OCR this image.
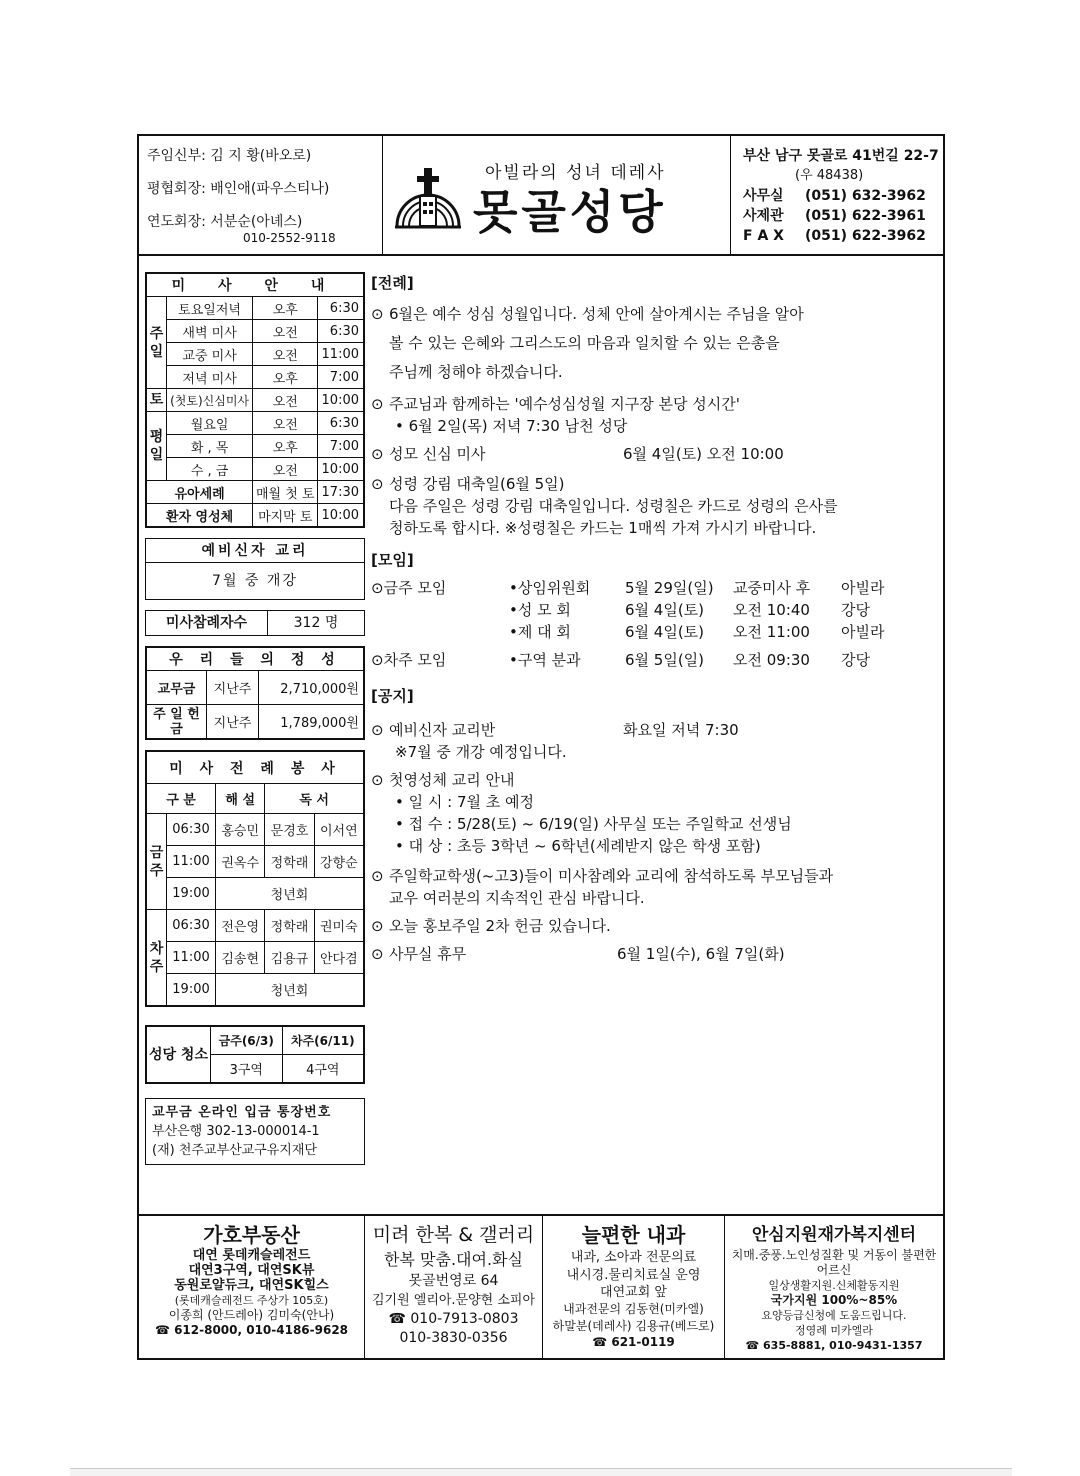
주임신부: 김 지 황(바오로)
평협회장: 배인애(파우스티나)
연도회장: 서분순(아녜스)
010-2552-9118
아빌라의 성녀 데레사
못골성당
부산 남구 못골로 41번길 22-7
(우 48438)
사무실 (051) 632-3962
사제관 (051) 622-3961
F A X (051) 622-3962
미 사 안 내			
주일	토요일저녁	오후	6:30
	새벽 미사	오전	6:30
	교중 미사	오전	11:00
	저녁 미사	오후	7:00
토	(첫토)신심미사	오전	10:00
평일	월요일	오전	6:30
	화 , 목	오후	7:00
	수 , 금	오전	10:00
유아세례		매월 첫 토	17:30
환자 영성체		마지막 토	10:00
예비신자 교리
7월 중 개강
미사참례자수	312 명
우 리 들 의 정 성		
교무금	지난주	2,710,000원
주 일 헌 금	지난주	1,789,000원
미 사 전 례 봉 사				
구 분		해 설	독 서	
금주	06:30	홍승민	문경호	이서연
	11:00	권옥수	정학래	강향순
	19:00	청년회		
차주	06:30	전은영	정학래	권미숙
	11:00	김송현	김용규	안다겸
	19:00	청년회		
성당 청소	금주(6/3)	차주(6/11)
	3구역	4구역
교무금 온라인 입금 통장번호
부산은행 302-13-000014-1
(재) 천주교부산교구유지재단
[전례]
⊙ 6월은 예수 성심 성월입니다. 성체 안에 살아계시는 주님을 알아
볼 수 있는 은혜와 그리스도의 마음과 일치할 수 있는 은총을
주님께 청해야 하겠습니다.
⊙ 주교님과 함께하는 '예수성심성월 지구장 본당 성시간'
• 6월 2일(목) 저녁 7:30 남천 성당
⊙ 성모 신심 미사	6월 4일(토) 오전 10:00
⊙ 성령 강림 대축일(6월 5일)
다음 주일은 성령 강림 대축일입니다. 성령칠은 카드로 성령의 은사를
청하도록 합시다. ※성령칠은 카드는 1매씩 가져 가시기 바랍니다.
[모임]
⊙금주 모임	•상임위원회	5월 29일(일)	교중미사 후	아빌라
•성 모 회	6월 4일(토)	오전 10:40	강당
•제 대 회	6월 4일(토)	오전 11:00	아빌라
⊙차주 모임	•구역 분과	6월 5일(일)	오전 09:30	강당
[공지]
⊙ 예비신자 교리반	화요일 저녁 7:30
※7월 중 개강 예정입니다.
⊙ 첫영성체 교리 안내
• 일 시 : 7월 초 예정
• 접 수 : 5/28(토) ~ 6/19(일) 사무실 또는 주일학교 선생님
• 대 상 : 초등 3학년 ~ 6학년(세례받지 않은 학생 포함)
⊙ 주일학교학생(~고3)들이 미사참례와 교리에 참석하도록 부모님들과
교우 여러분의 지속적인 관심 바랍니다.
⊙ 오늘 홍보주일 2차 헌금 있습니다.
⊙ 사무실 휴무	6월 1일(수), 6월 7일(화)
가호부동산
대연 롯데캐슬레전드
대연3구역, 대연SK뷰
동원로얄듀크, 대연SK힐스
(롯데캐슬레전드 주상가 105호)
이종희 (안드레아) 김미숙(안나)
☎ 612-8000, 010-4186-9628
미려 한복 & 갤러리
한복 맞춤.대여.화실
못골번영로 64
김기원 엘리아.문양현 소피아
☎ 010-7913-0803
010-3830-0356
늘편한 내과
내과, 소아과 전문의료
내시경.물리치료실 운영
대연교회 앞
내과전문의 김동현(미카엘)
하말분(데레사) 김용규(베드로)
☎ 621-0119
안심지원재가복지센터
치매.중풍.노인성질환 및 거동이 불편한 어르신
일상생활지원.신체활동지원
국가지원 100%~85%
요양등급신청에 도움드립니다.
정영례 미카엘라
☎ 635-8881, 010-9431-1357
